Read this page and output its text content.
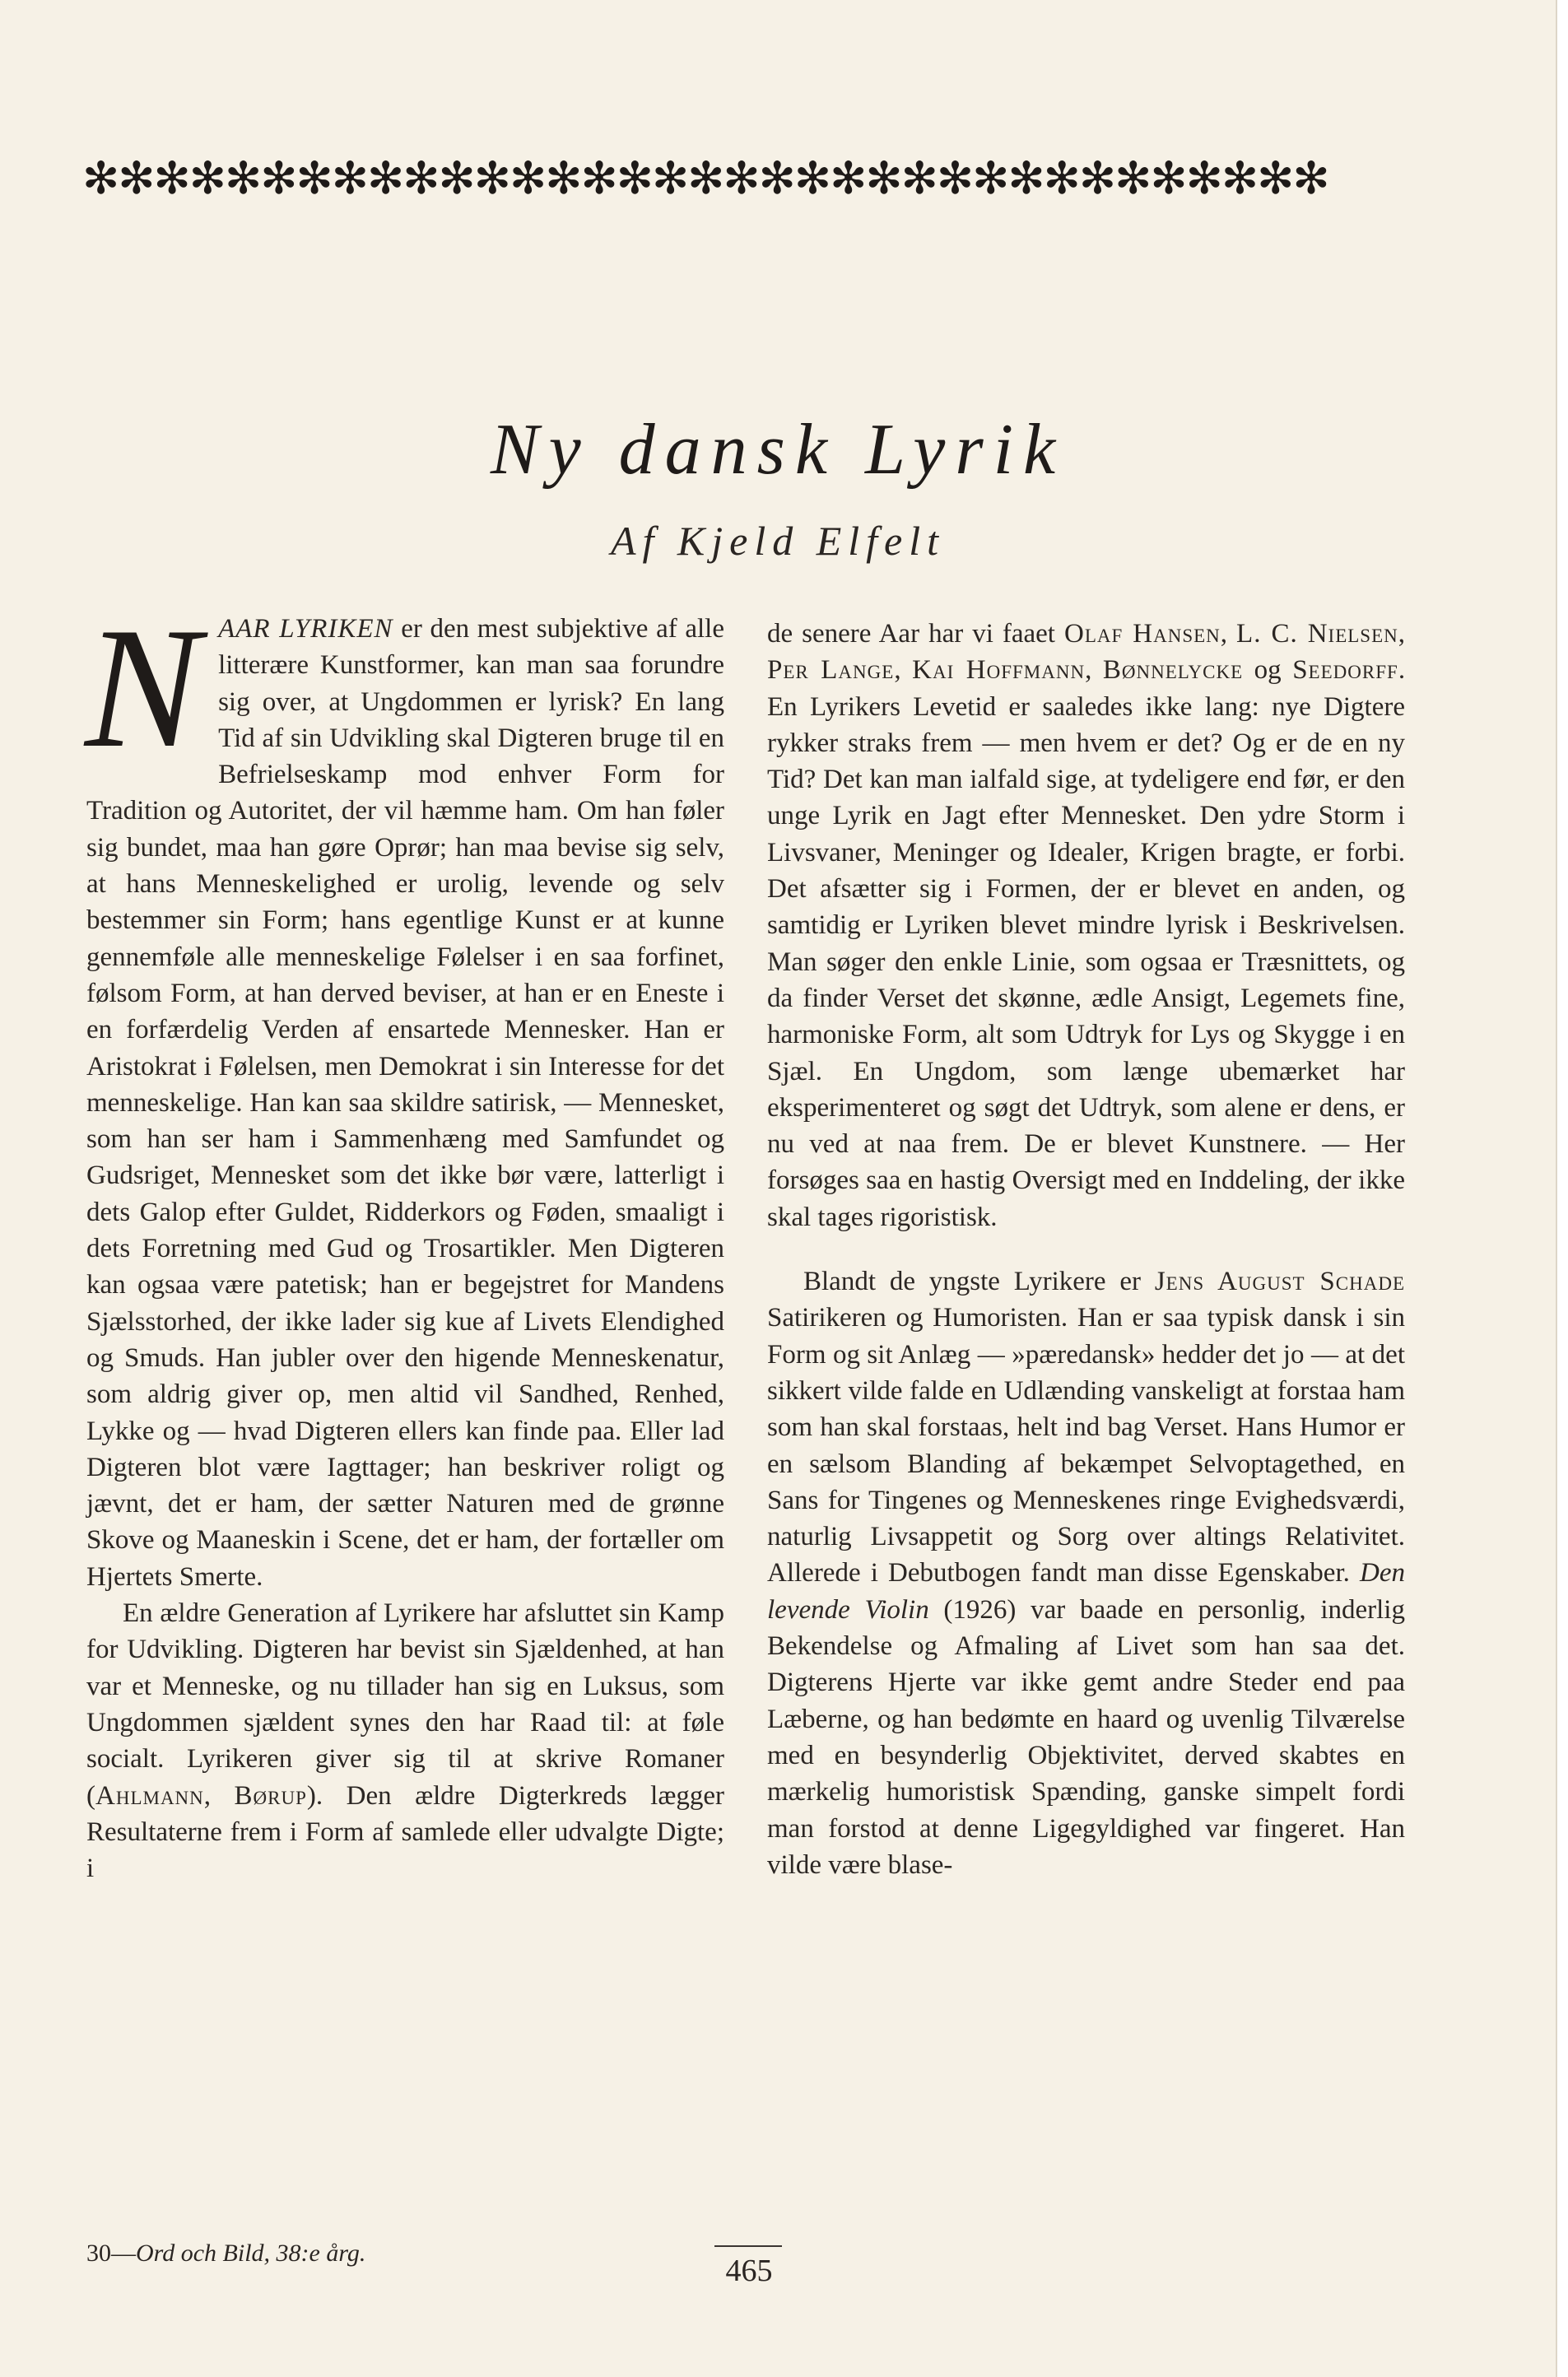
✻✻✻✻✻✻✻✻✻✻✻✻✻✻✻✻✻✻✻✻✻✻✻✻✻✻✻✻✻✻✻✻✻✻✻
Ny dansk Lyrik
Af Kjeld Elfelt

NAAR LYRIKEN er den mest subjektive af alle litterære Kunstformer, kan man saa forundre sig over, at Ungdommen er lyrisk? En lang Tid af sin Udvikling skal Digteren bruge til en Befrielseskamp mod enhver Form for Tradition og Autoritet, der vil hæmme ham. Om han føler sig bundet, maa han gøre Oprør; han maa bevise sig selv, at hans Menneskelighed er urolig, levende og selv bestemmer sin Form; hans egentlige Kunst er at kunne gennemføle alle menneskelige Følelser i en saa forfinet, følsom Form, at han derved beviser, at han er en Eneste i en forfærdelig Verden af ensartede Mennesker. Han er Aristokrat i Følelsen, men Demokrat i sin Interesse for det menneskelige. Han kan saa skildre satirisk, — Mennesket, som han ser ham i Sammenhæng med Samfundet og Gudsriget, Mennesket som det ikke bør være, latterligt i dets Galop efter Guldet, Ridderkors og Føden, smaaligt i dets Forretning med Gud og Trosartikler. Men Digteren kan ogsaa være patetisk; han er begejstret for Mandens Sjælsstorhed, der ikke lader sig kue af Livets Elendighed og Smuds. Han jubler over den higende Menneskenatur, som aldrig giver op, men altid vil Sandhed, Renhed, Lykke og — hvad Digteren ellers kan finde paa. Eller lad Digteren blot være Iagttager; han beskriver roligt og jævnt, det er ham, der sætter Naturen med de grønne Skove og Maaneskin i Scene, det er ham, der fortæller om Hjertets Smerte.

En ældre Generation af Lyrikere har afsluttet sin Kamp for Udvikling. Digteren har bevist sin Sjældenhed, at han var et Menneske, og nu tillader han sig en Luksus, som Ungdommen sjældent synes den har Raad til: at føle socialt. Lyrikeren giver sig til at skrive Romaner (Ahlmann, Børup). Den ældre Digterkreds lægger Resultaterne frem i Form af samlede eller udvalgte Digte; i

de senere Aar har vi faaet Olaf Hansen, L. C. Nielsen, Per Lange, Kai Hoffmann, Bønnelycke og Seedorff. En Lyrikers Levetid er saaledes ikke lang: nye Digtere rykker straks frem — men hvem er det? Og er de en ny Tid? Det kan man ialfald sige, at tydeligere end før, er den unge Lyrik en Jagt efter Mennesket. Den ydre Storm i Livsvaner, Meninger og Idealer, Krigen bragte, er forbi. Det afsætter sig i Formen, der er blevet en anden, og samtidig er Lyriken blevet mindre lyrisk i Beskrivelsen. Man søger den enkle Linie, som ogsaa er Træsnittets, og da finder Verset det skønne, ædle Ansigt, Legemets fine, harmoniske Form, alt som Udtryk for Lys og Skygge i en Sjæl. En Ungdom, som længe ubemærket har eksperimenteret og søgt det Udtryk, som alene er dens, er nu ved at naa frem. De er blevet Kunstnere. — Her forsøges saa en hastig Oversigt med en Inddeling, der ikke skal tages rigoristisk.

Blandt de yngste Lyrikere er Jens August Schade Satirikeren og Humoristen. Han er saa typisk dansk i sin Form og sit Anlæg — »pæredansk» hedder det jo — at det sikkert vilde falde en Udlænding vanskeligt at forstaa ham som han skal forstaas, helt ind bag Verset. Hans Humor er en sælsom Blanding af bekæmpet Selvoptagethed, en Sans for Tingenes og Menneskenes ringe Evighedsværdi, naturlig Livsappetit og Sorg over altings Relativitet. Allerede i Debutbogen fandt man disse Egenskaber. Den levende Violin (1926) var baade en personlig, inderlig Bekendelse og Afmaling af Livet som han saa det. Digterens Hjerte var ikke gemt andre Steder end paa Læberne, og han bedømte en haard og uvenlig Tilværelse med en besynderlig Objektivitet, derved skabtes en mærkelig humoristisk Spænding, ganske simpelt fordi man forstod at denne Ligegyldighed var fingeret. Han vilde være blase-

30—Ord och Bild, 38:e årg.
465
